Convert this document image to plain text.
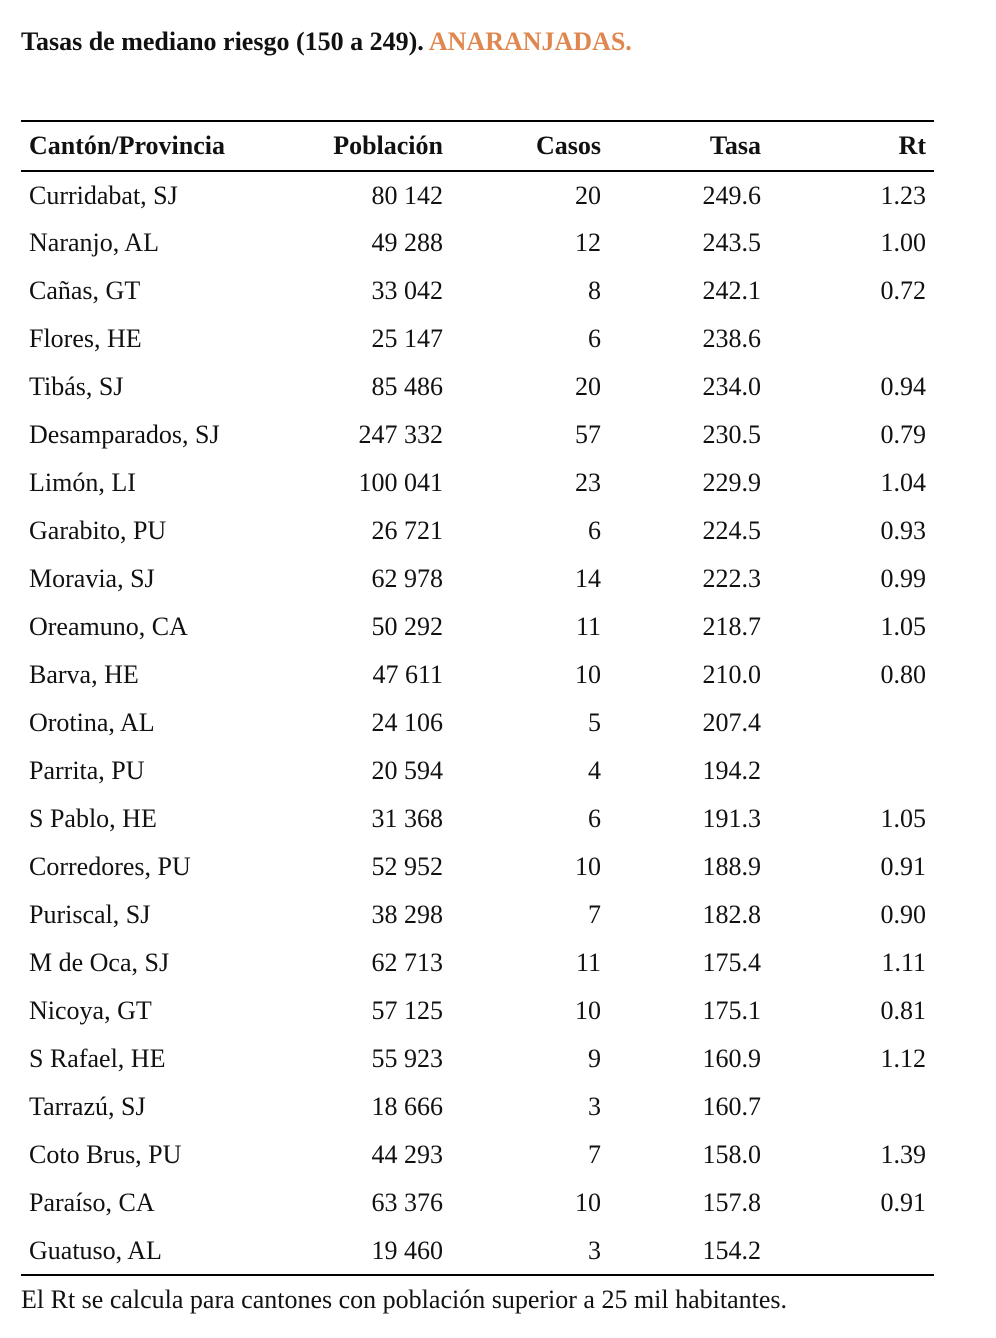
Tasas de mediano riesgo (150 a 249). ANARANJADAS.
Cantón/Provincia	Población	Casos	Tasa	Rt
Curridabat, SJ	80 142	20	249.6	1.23
Naranjo, AL	49 288	12	243.5	1.00
Cañas, GT	33 042	8	242.1	0.72
Flores, HE	25 147	6	238.6	
Tibás, SJ	85 486	20	234.0	0.94
Desamparados, SJ	247 332	57	230.5	0.79
Limón, LI	100 041	23	229.9	1.04
Garabito, PU	26 721	6	224.5	0.93
Moravia, SJ	62 978	14	222.3	0.99
Oreamuno, CA	50 292	11	218.7	1.05
Barva, HE	47 611	10	210.0	0.80
Orotina, AL	24 106	5	207.4	
Parrita, PU	20 594	4	194.2	
S Pablo, HE	31 368	6	191.3	1.05
Corredores, PU	52 952	10	188.9	0.91
Puriscal, SJ	38 298	7	182.8	0.90
M de Oca, SJ	62 713	11	175.4	1.11
Nicoya, GT	57 125	10	175.1	0.81
S Rafael, HE	55 923	9	160.9	1.12
Tarrazú, SJ	18 666	3	160.7	
Coto Brus, PU	44 293	7	158.0	1.39
Paraíso, CA	63 376	10	157.8	0.91
Guatuso, AL	19 460	3	154.2	
El Rt se calcula para cantones con población superior a 25 mil habitantes.
